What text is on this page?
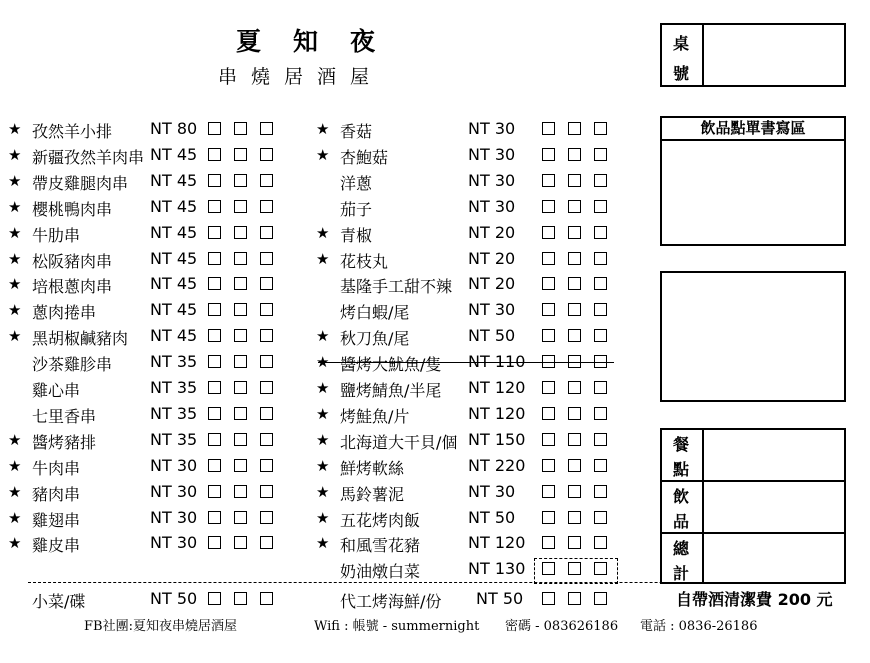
夏知夜
串燒居酒屋
★ 孜然羊小排 NT 80
★ 新疆孜然羊肉串 NT 45
★ 帶皮雞腿肉串 NT 45
★ 櫻桃鴨肉串 NT 45
★ 牛肋串	NT 45
★ 松阪豬肉串 NT 45
★ 培根蔥肉串 NT 45
★ 蔥肉捲串	NT 45
★ 黑胡椒鹹豬肉 NT 45
沙茶雞胗串 NT 35
雞心串	NT 35
七里香串	NT 35
★ 醬烤豬排	NT 35
★ 牛肉串	NT 30
★ 豬肉串	NT 30
★ 雞翅串	NT 30
★ 雞皮串	NT 30
★ 香菇	NT 30
★ 杏鮑菇	NT 30
洋蔥	NT 30
茄子	NT 30
★ 青椒	NT 20
★ 花枝丸	NT 20
基隆手工甜不辣 NT 20
烤白蝦/尾	NT 30
★ 秋刀魚/尾	NT 50
★ 醬烤大魷魚/隻 NT 110
★ 鹽烤鯖魚/半尾 NT 120
★ 烤鮭魚/片	NT 120
★ 北海道大干貝/個 NT 150
★ 鮮烤軟絲	NT 220
★ 馬鈴薯泥	NT 30
★ 五花烤肉飯	NT 50
★ 和風雪花豬	NT 120
奶油燉白菜	NT 130
小菜/碟	NT 50	代工烤海鮮/份 NT 50
桌
號
飲品點單書寫區
餐
點
飲
品
總
計
自帶酒清潔費 200 元
FB社團:夏知夜串燒居酒屋	Wifi : 帳號 - summernight 密碼 - 083626186 電話 : 0836-26186
